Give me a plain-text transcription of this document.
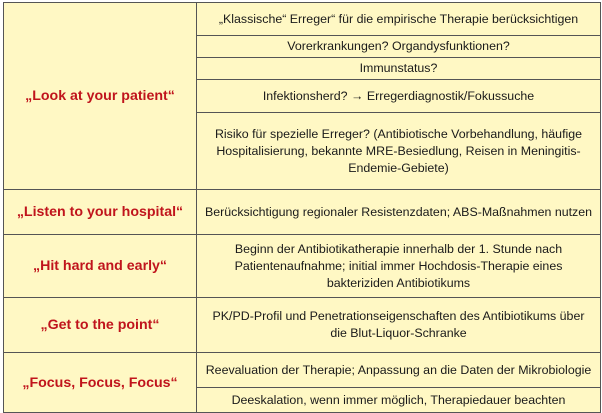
„Look at your patient“	„Klassische“ Erreger“ für die empirische Therapie berücksichtigen
	Vorerkrankungen? Organdysfunktionen?
	Immunstatus?
	Infektionsherd? → Erregerdiagnostik/Fokussuche
	Risiko für spezielle Erreger? (Antibiotische Vorbehandlung, häufige Hospitalisierung, bekannte MRE-Besiedlung, Reisen in Meningitis-Endemie-Gebiete)
„Listen to your hospital“	Berücksichtigung regionaler Resistenzdaten; ABS-Maßnahmen nutzen
„Hit hard and early“	Beginn der Antibiotikatherapie innerhalb der 1. Stunde nach Patientenaufnahme; initial immer Hochdosis-Therapie eines bakteriziden Antibiotikums
„Get to the point“	PK/PD-Profil und Penetrationseigenschaften des Antibiotikums über die Blut-Liquor-Schranke
„Focus, Focus, Focus“	Reevaluation der Therapie; Anpassung an die Daten der Mikrobiologie
	Deeskalation, wenn immer möglich, Therapiedauer beachten
